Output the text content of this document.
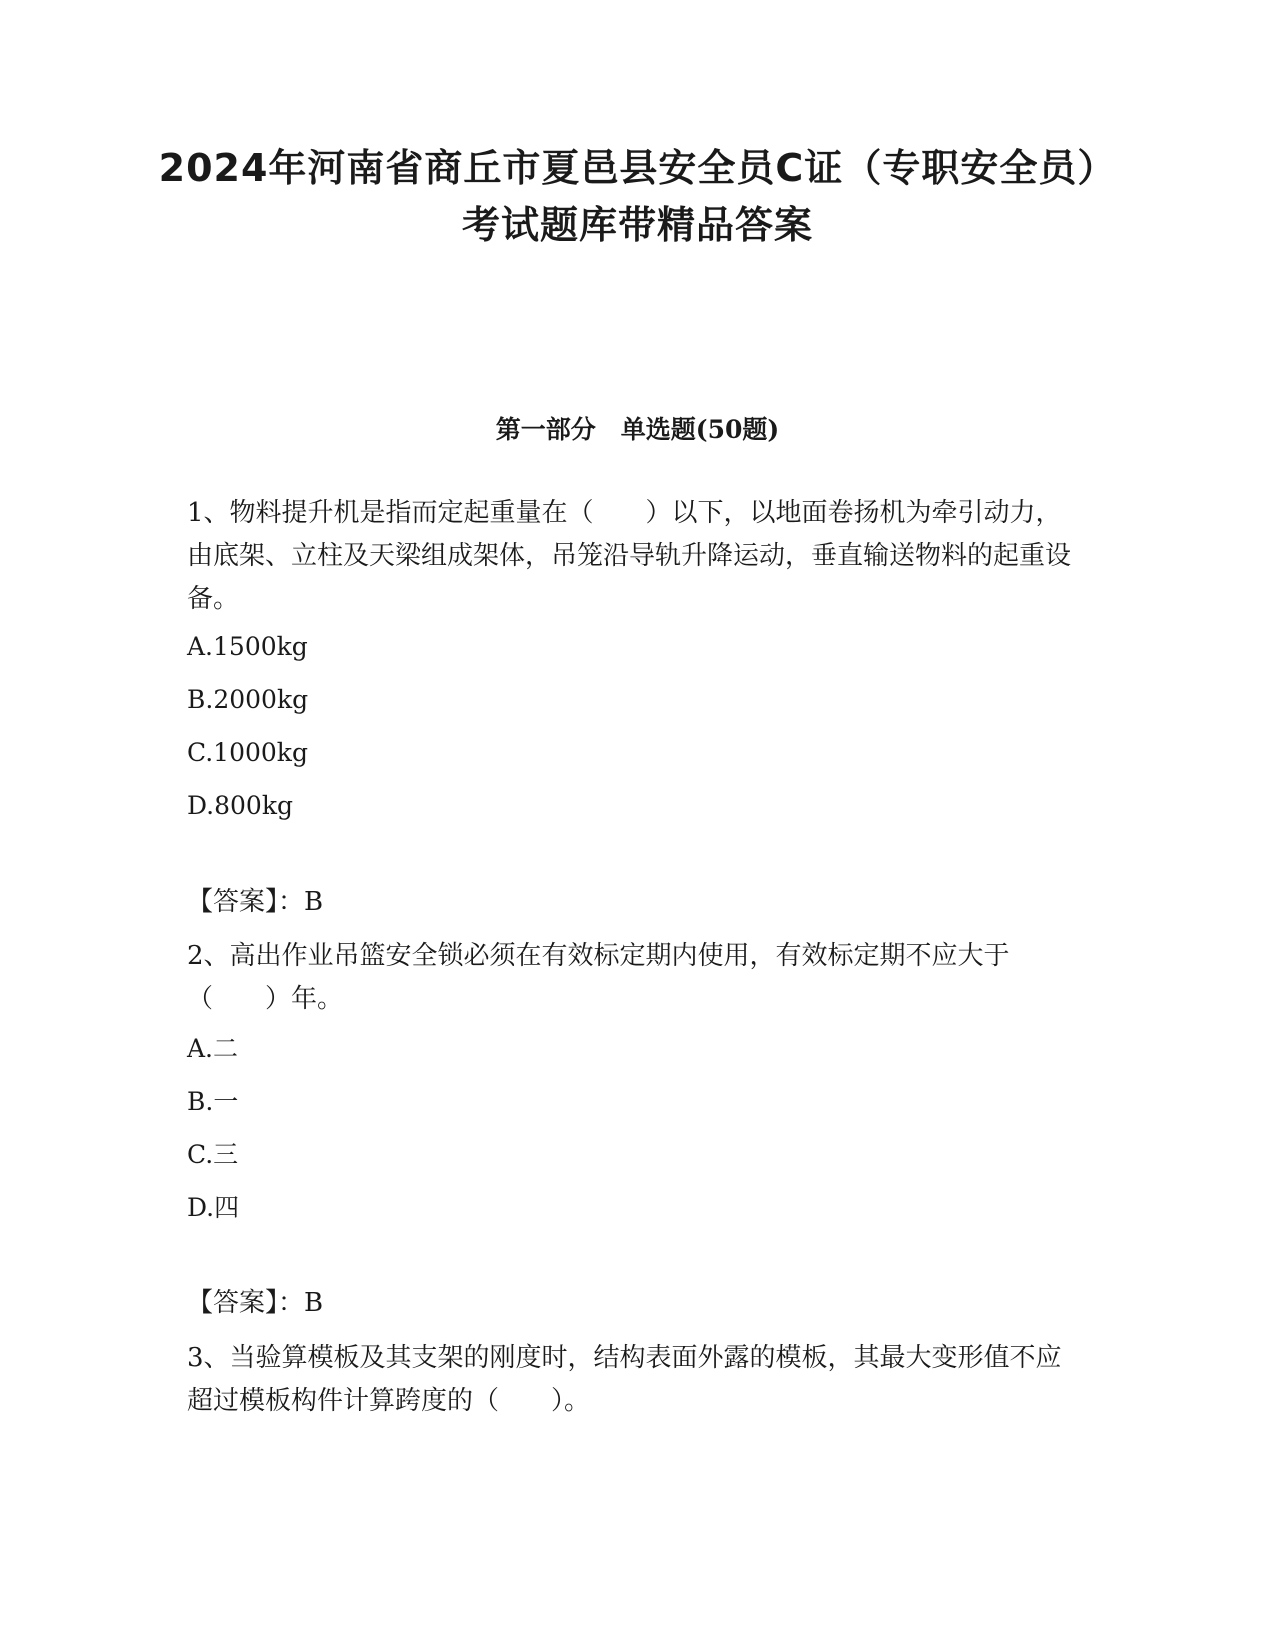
2024年河南省商丘市夏邑县安全员C证（专职安全员）考试题库带精品答案
第一部分　单选题(50题)

1、物料提升机是指而定起重量在（　　）以下，以地面卷扬机为牵引动力，由底架、立柱及天梁组成架体，吊笼沿导轨升降运动，垂直输送物料的起重设备。

A.1500kg

B.2000kg

C.1000kg

D.800kg

【答案】：B

2、高出作业吊篮安全锁必须在有效标定期内使用，有效标定期不应大于（　　）年。

A.二

B.一

C.三

D.四

【答案】：B

3、当验算模板及其支架的刚度时，结构表面外露的模板，其最大变形值不应超过模板构件计算跨度的（　　）。
